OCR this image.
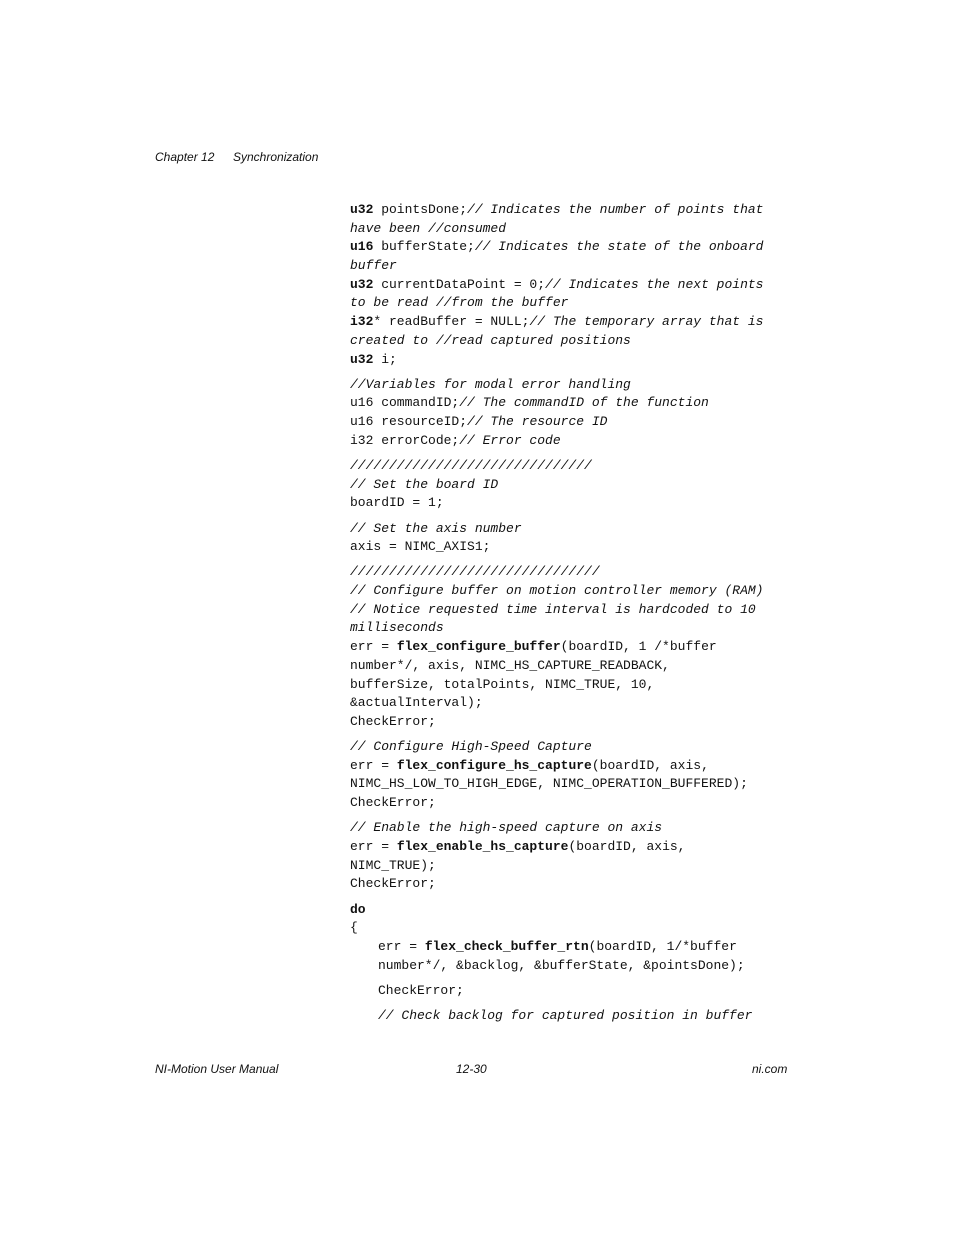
Chapter 12 Synchronization
u32 pointsDone;// Indicates the number of points that
have been //consumed
u16 bufferState;// Indicates the state of the onboard
buffer
u32 currentDataPoint = 0;// Indicates the next points
to be read //from the buffer
i32* readBuffer = NULL;// The temporary array that is
created to //read captured positions
u32 i;
//Variables for modal error handling
u16 commandID;// The commandID of the function
u16 resourceID;// The resource ID
i32 errorCode;// Error code
///////////////////////////////
// Set the board ID
boardID = 1;
// Set the axis number
axis = NIMC_AXIS1;
////////////////////////////////
// Configure buffer on motion controller memory (RAM)
// Notice requested time interval is hardcoded to 10
milliseconds
err = flex_configure_buffer(boardID, 1 /*buffer
number*/, axis, NIMC_HS_CAPTURE_READBACK,
bufferSize, totalPoints, NIMC_TRUE, 10,
&actualInterval);
CheckError;
// Configure High-Speed Capture
err = flex_configure_hs_capture(boardID, axis,
NIMC_HS_LOW_TO_HIGH_EDGE, NIMC_OPERATION_BUFFERED);
CheckError;
// Enable the high-speed capture on axis
err = flex_enable_hs_capture(boardID, axis,
NIMC_TRUE);
CheckError;
do
{
err = flex_check_buffer_rtn(boardID, 1/*buffer
number*/, &backlog, &bufferState, &pointsDone);
CheckError;
// Check backlog for captured position in buffer
NI-Motion User Manual	12-30	ni.com
